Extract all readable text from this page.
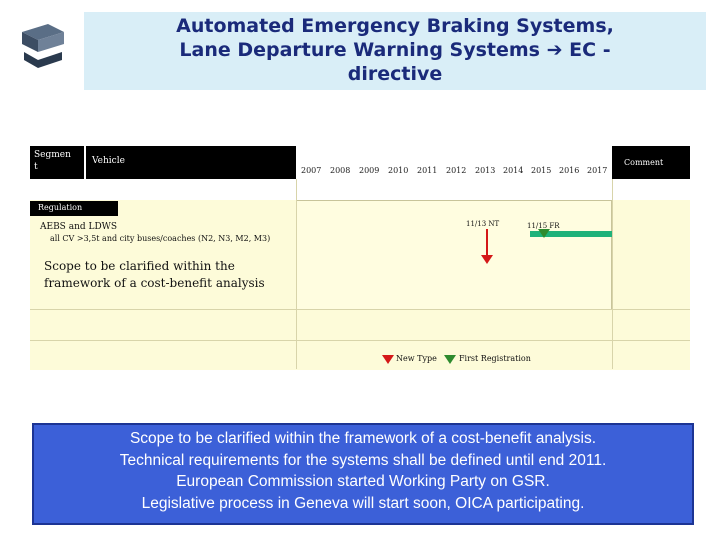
Automated Emergency Braking Systems,
Lane Departure Warning Systems ➔ EC -
directive
Segmen t
Vehicle
2007 2008 2009 2010 2011 2012 2013 2014 2015 2016 2017
Comment
Regulation
AEBS and LDWS
all CV >3,5t and city buses/coaches (N2, N3, M2, M3)
Scope to be clarified within the
framework of a cost-benefit analysis
11/13 NT	11/15 FR
New Type	First Registration
Scope to be clarified within the framework of a cost-benefit analysis.
Technical requirements for the systems shall be defined until end 2011.
European Commission started Working Party on GSR.
Legislative process in Geneva will start soon, OICA participating.
